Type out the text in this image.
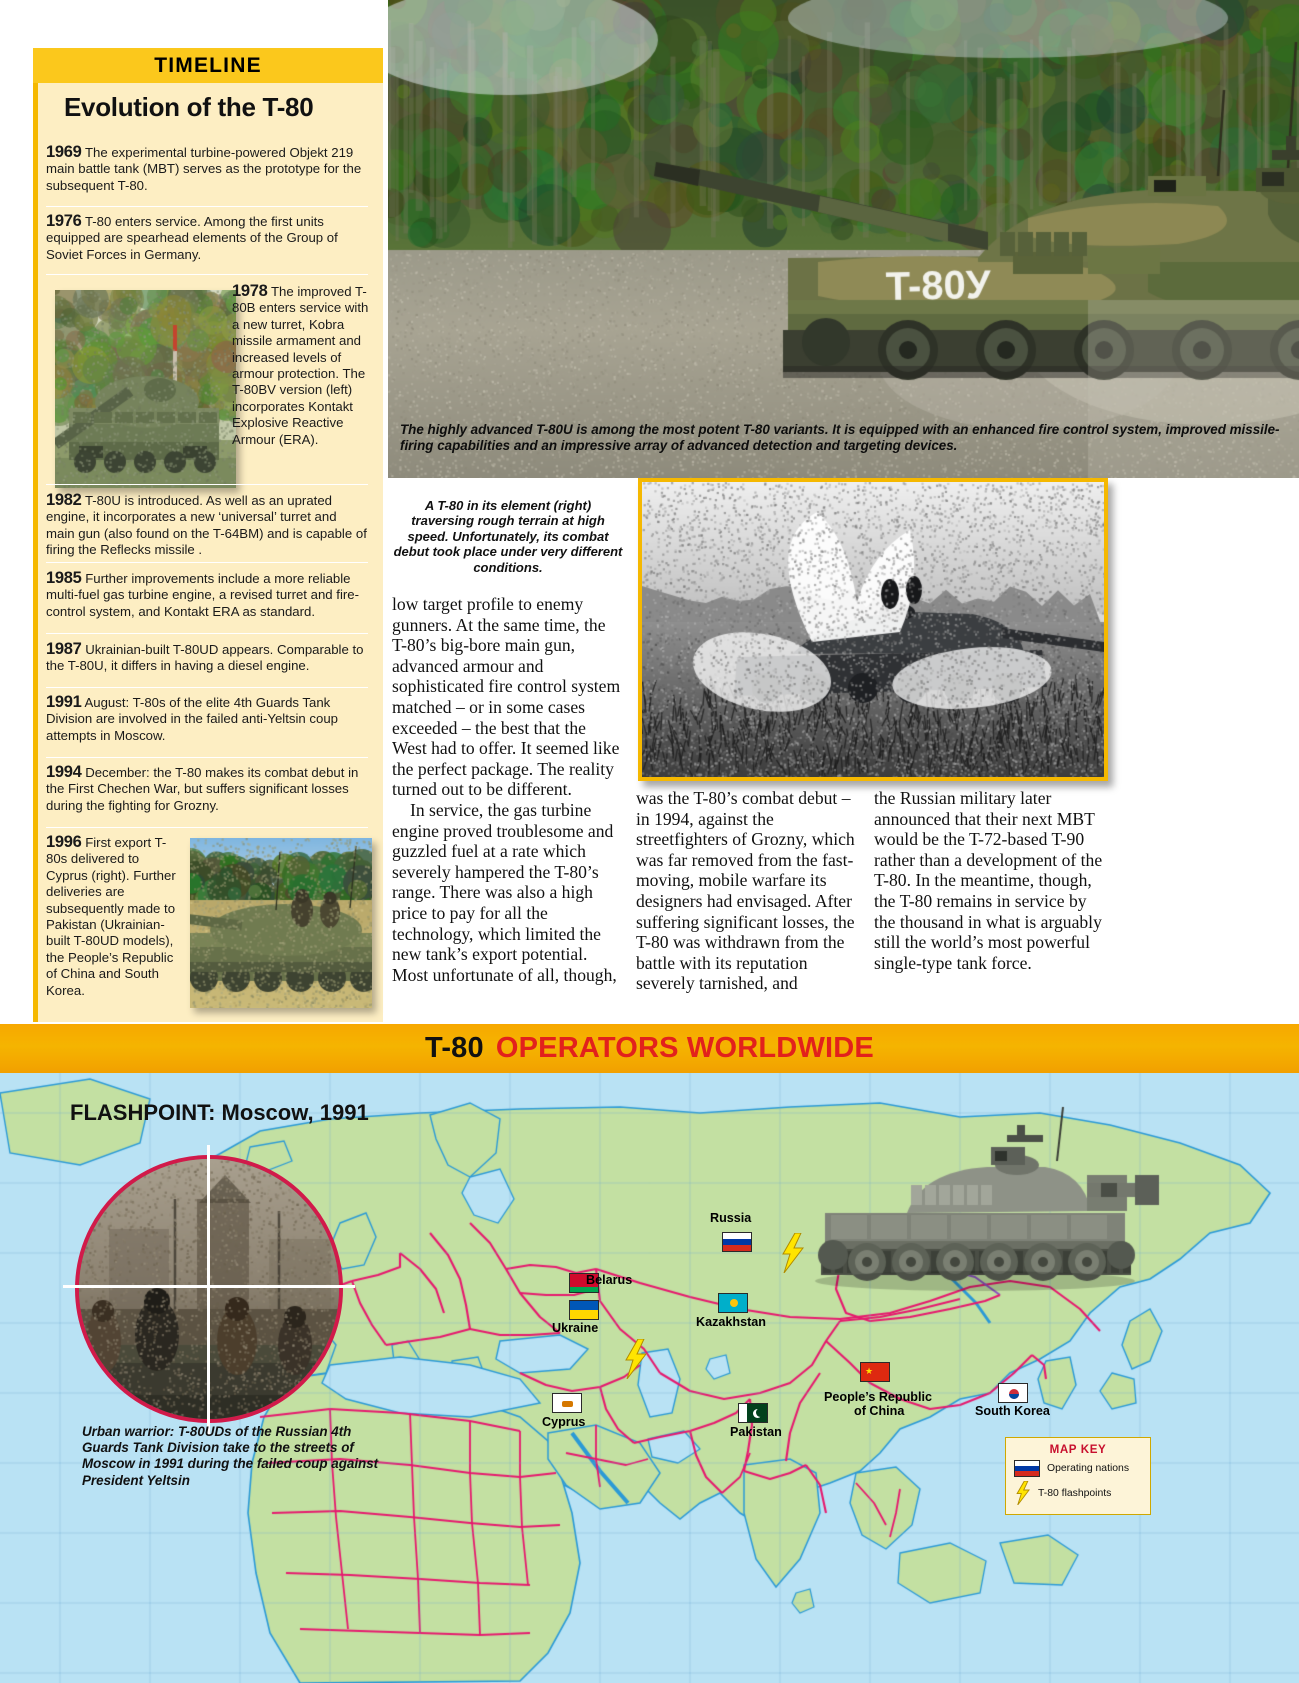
The highly advanced T-80U is among the most potent T-80 variants. It is equipped with an enhanced fire control system, improved missile-firing capabilities and an impressive array of advanced detection and targeting devices.
A T-80 in its element (right) traversing rough terrain at high speed. Unfortunately, its combat debut took place under very different conditions.

low target profile to enemy gunners. At the same time, the T-80’s big-bore main gun, advanced armour and sophisticated fire control system matched – or in some cases exceeded – the best that the West had to offer. It seemed like the perfect package. The reality turned out to be different.

In service, the gas turbine engine proved troublesome and guzzled fuel at a rate which severely hampered the T-80’s range. There was also a high price to pay for all the technology, which limited the new tank’s export potential. Most unfortunate of all, though,

was the T-80’s combat debut – in 1994, against the streetfighters of Grozny, which was far removed from the fast-moving, mobile warfare its designers had envisaged. After suffering significant losses, the T-80 was withdrawn from the battle with its reputation severely tarnished, and

the Russian military later announced that their next MBT would be the T-72-based T-90 rather than a development of the T-80. In the meantime, though, the T-80 remains in service by the thousand in what is arguably still the world’s most powerful single-type tank force.

TIMELINE
Evolution of the T-80
1969 The experimental turbine-powered Objekt 219 main battle tank (MBT) serves as the prototype for the subsequent T-80.
1976 T-80 enters service. Among the first units equipped are spearhead elements of the Group of Soviet Forces in Germany.
1978 The improved T-80B enters service with a new turret, Kobra missile armament and increased levels of armour protection. The T-80BV version (left) incorporates Kontakt Explosive Reactive Armour (ERA).
1982 T-80U is introduced. As well as an uprated engine, it incorporates a new ‘universal’ turret and main gun (also found on the T-64BM) and is capable of firing the Reflecks missile .
1985 Further improvements include a more reliable multi-fuel gas turbine engine, a revised turret and fire-control system, and Kontakt ERA as standard.
1987 Ukrainian-built T-80UD appears. Comparable to the T-80U, it differs in having a diesel engine.
1991 August: T-80s of the elite 4th Guards Tank Division are involved in the failed anti-Yeltsin coup attempts in Moscow.
1994 December: the T-80 makes its combat debut in the First Chechen War, but suffers significant losses during the fighting for Grozny.
1996 First export T-80s delivered to Cyprus (right). Further deliveries are subsequently made to Pakistan (Ukrainian-built T-80UD models), the People’s Republic of China and South Korea.
T-80 OPERATORS WORLDWIDE
FLASHPOINT: Moscow, 1991
Urban warrior: T-80UDs of the Russian 4th Guards Tank Division take to the streets of Moscow in 1991 during the failed coup against President Yeltsin
Russia
Belarus
Ukraine	Kazakhstan
Cyprus
Pakistan
★
People’s Republic
of China	South Korea
MAP KEY
Operating nations
T-80 flashpoints
